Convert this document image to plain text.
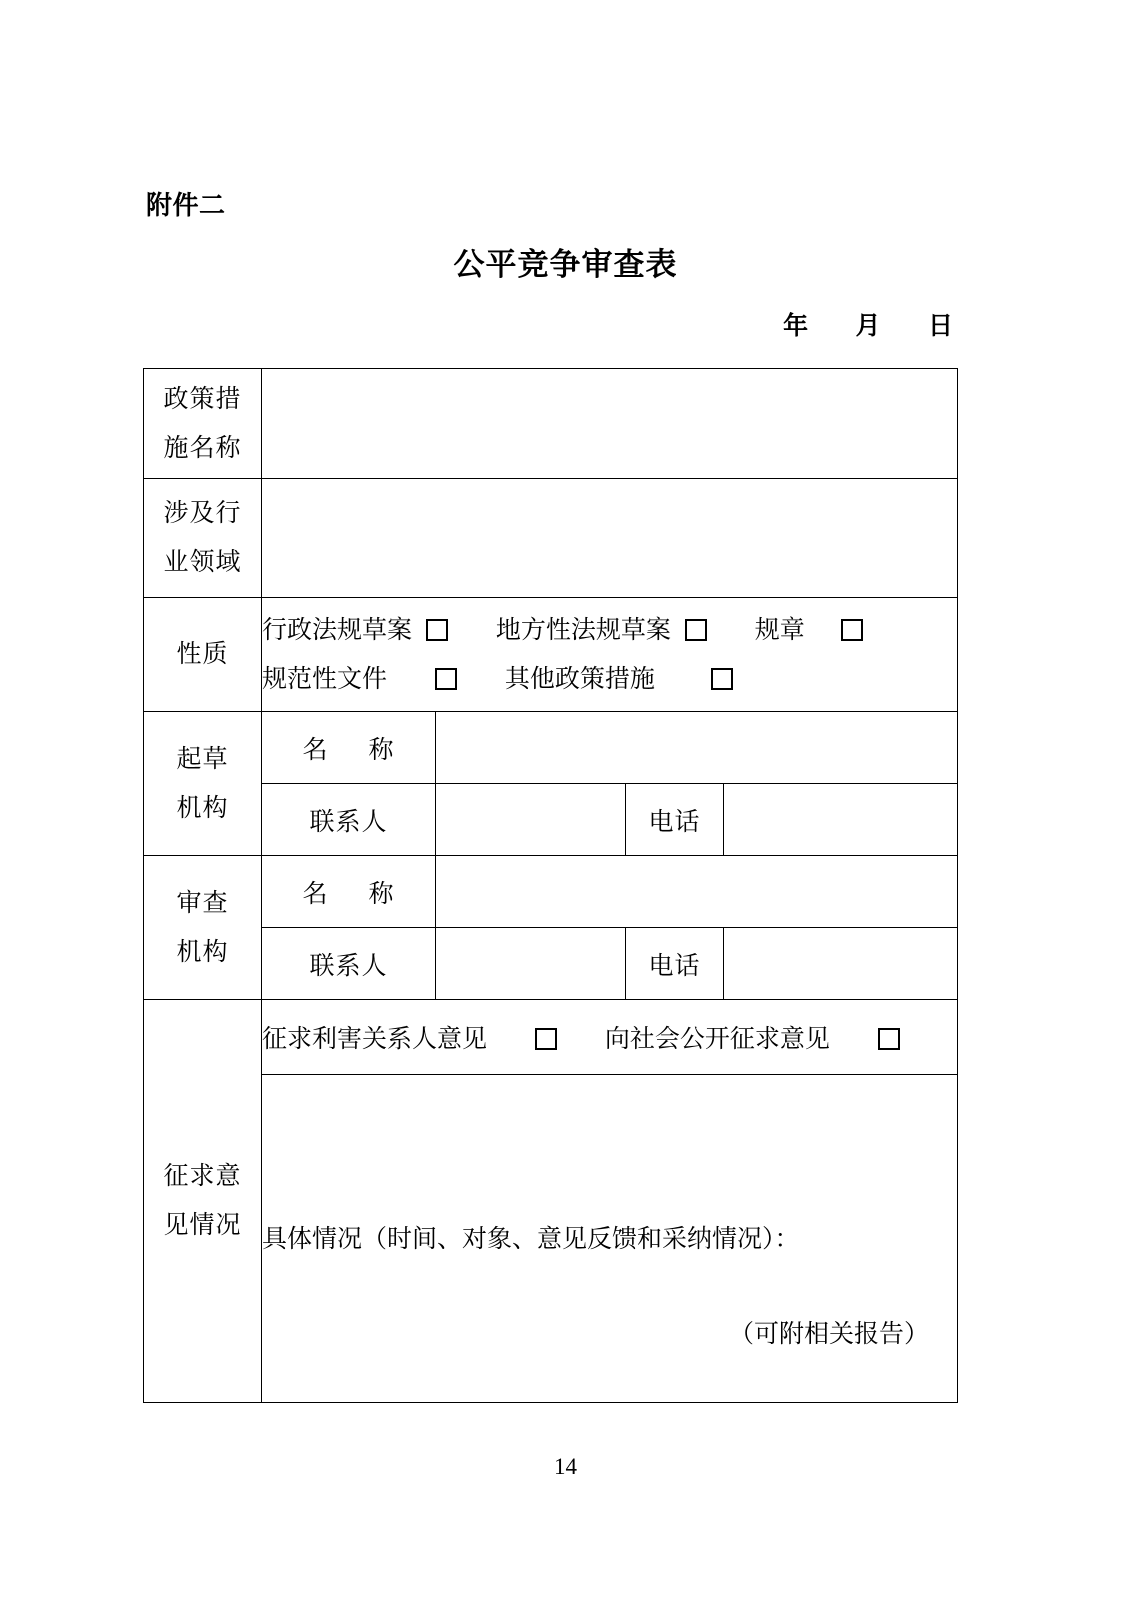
附件二
公平竞争审查表
年 月 日
政策措
施名称				

涉及行
业领域				

性质	行政法规草案 地方性法规草案 规章
规范性文件 其他政策措施			

起草
机构	名 称			
	联系人		电话	

审查
机构	名 称			
	联系人		电话	

征求意
见情况	征求利害关系人意见 向社会公开征求意见			

	具体情况（时间、对象、意见反馈和采纳情况）：
（可附相关报告）			
14
